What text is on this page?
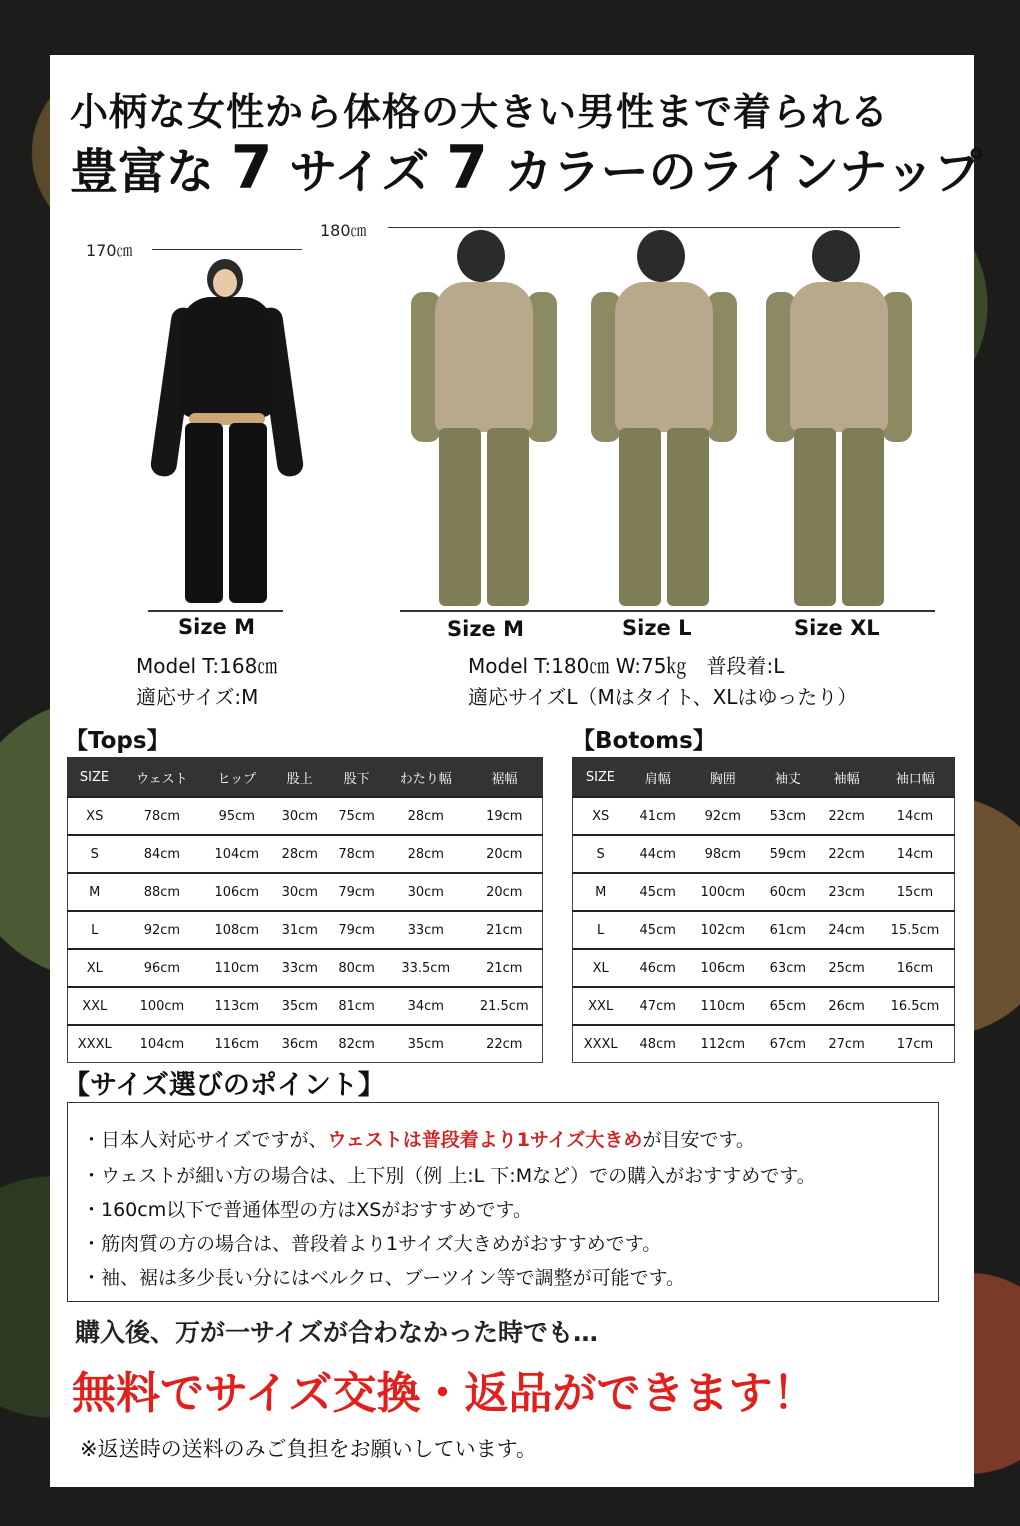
小柄な女性から体格の大きい男性まで着られる
豊富な 7 サイズ 7 カラーのラインナップ
170㎝
180㎝
Size M	Size M	Size L	Size XL
Model T:168㎝
適応サイズ:M
Model T:180㎝ W:75㎏　普段着:L
適応サイズL（Mはタイト、XLはゆったり）
【Tops】
SIZE	ウェスト	ヒップ	股上	股下	わたり幅	裾幅
XS	78cm	95cm	30cm	75cm	28cm	19cm
S	84cm	104cm	28cm	78cm	28cm	20cm
M	88cm	106cm	30cm	79cm	30cm	20cm
L	92cm	108cm	31cm	79cm	33cm	21cm
XL	96cm	110cm	33cm	80cm	33.5cm	21cm
XXL	100cm	113cm	35cm	81cm	34cm	21.5cm
XXXL	104cm	116cm	36cm	82cm	35cm	22cm
【Botoms】
SIZE	肩幅	胸囲	袖丈	袖幅	袖口幅
XS	41cm	92cm	53cm	22cm	14cm
S	44cm	98cm	59cm	22cm	14cm
M	45cm	100cm	60cm	23cm	15cm
L	45cm	102cm	61cm	24cm	15.5cm
XL	46cm	106cm	63cm	25cm	16cm
XXL	47cm	110cm	65cm	26cm	16.5cm
XXXL	48cm	112cm	67cm	27cm	17cm
【サイズ選びのポイント】
・日本人対応サイズですが、ウェストは普段着より1サイズ大きめが目安です。
・ウェストが細い方の場合は、上下別（例 上:L 下:Mなど）での購入がおすすめです。
・160cm以下で普通体型の方はXSがおすすめです。
・筋肉質の方の場合は、普段着より1サイズ大きめがおすすめです。
・袖、裾は多少長い分にはベルクロ、ブーツイン等で調整が可能です。
購入後、万が一サイズが合わなかった時でも…
無料でサイズ交換・返品ができます！
※返送時の送料のみご負担をお願いしています。
